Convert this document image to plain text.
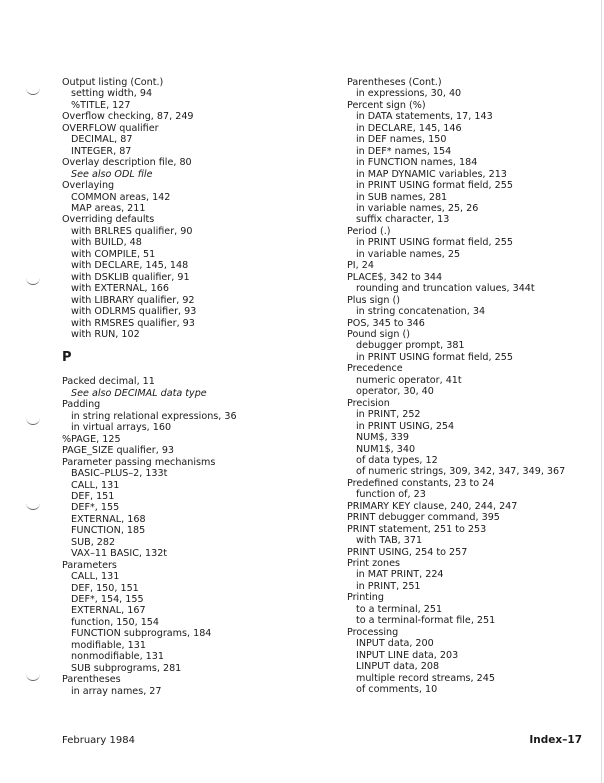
Output listing (Cont.)
setting width, 94
%TITLE, 127
Overflow checking, 87, 249
OVERFLOW qualifier
DECIMAL, 87
INTEGER, 87
Overlay description file, 80
See also ODL file
Overlaying
COMMON areas, 142
MAP areas, 211
Overriding defaults
with BRLRES qualifier, 90
with BUILD, 48
with COMPILE, 51
with DECLARE, 145, 148
with DSKLIB qualifier, 91
with EXTERNAL, 166
with LIBRARY qualifier, 92
with ODLRMS qualifier, 93
with RMSRES qualifier, 93
with RUN, 102
P
Packed decimal, 11
See also DECIMAL data type
Padding
in string relational expressions, 36
in virtual arrays, 160
%PAGE, 125
PAGE_SIZE qualifier, 93
Parameter passing mechanisms
BASIC–PLUS–2, 133t
CALL, 131
DEF, 151
DEF*, 155
EXTERNAL, 168
FUNCTION, 185
SUB, 282
VAX–11 BASIC, 132t
Parameters
CALL, 131
DEF, 150, 151
DEF*, 154, 155
EXTERNAL, 167
function, 150, 154
FUNCTION subprograms, 184
modifiable, 131
nonmodifiable, 131
SUB subprograms, 281
Parentheses
in array names, 27
Parentheses (Cont.)
in expressions, 30, 40
Percent sign (%)
in DATA statements, 17, 143
in DECLARE, 145, 146
in DEF names, 150
in DEF* names, 154
in FUNCTION names, 184
in MAP DYNAMIC variables, 213
in PRINT USING format field, 255
in SUB names, 281
in variable names, 25, 26
suffix character, 13
Period (.)
in PRINT USING format field, 255
in variable names, 25
PI, 24
PLACE$, 342 to 344
rounding and truncation values, 344t
Plus sign ()
in string concatenation, 34
POS, 345 to 346
Pound sign ()
debugger prompt, 381
in PRINT USING format field, 255
Precedence
numeric operator, 41t
operator, 30, 40
Precision
in PRINT, 252
in PRINT USING, 254
NUM$, 339
NUM1$, 340
of data types, 12
of numeric strings, 309, 342, 347, 349, 367
Predefined constants, 23 to 24
function of, 23
PRIMARY KEY clause, 240, 244, 247
PRINT debugger command, 395
PRINT statement, 251 to 253
with TAB, 371
PRINT USING, 254 to 257
Print zones
in MAT PRINT, 224
in PRINT, 251
Printing
to a terminal, 251
to a terminal-format file, 251
Processing
INPUT data, 200
INPUT LINE data, 203
LINPUT data, 208
multiple record streams, 245
of comments, 10
February 1984	Index–17
